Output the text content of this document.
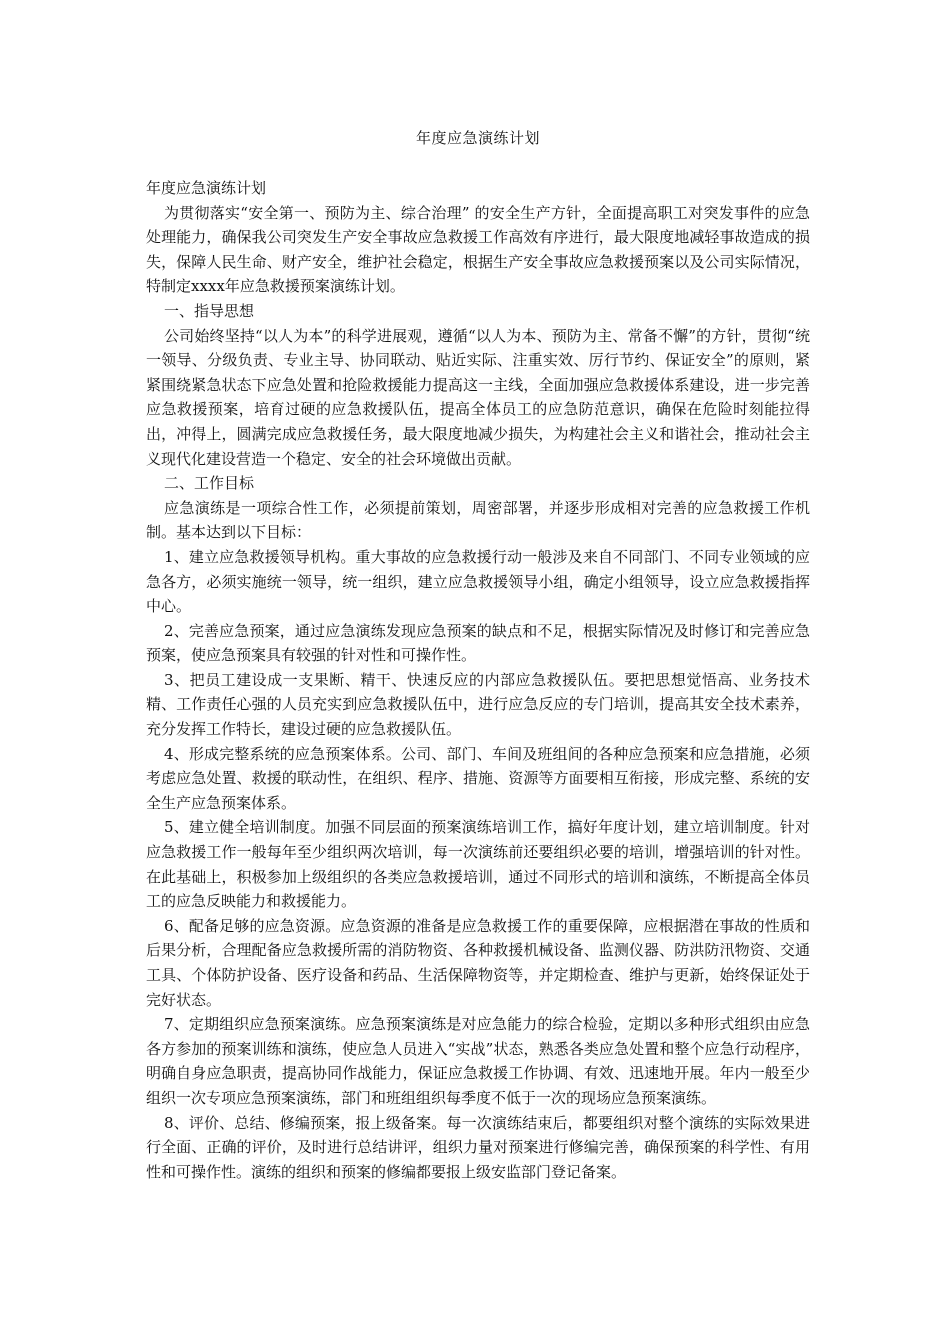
年度应急演练计划

年度应急演练计划

为贯彻落实“安全第一、预防为主、综合治理” 的安全生产方针，全面提高职工对突发事件的应急处理能力，确保我公司突发生产安全事故应急救援工作高效有序进行，最大限度地减轻事故造成的损失，保障人民生命、财产安全，维护社会稳定，根据生产安全事故应急救援预案以及公司实际情况，特制定xxxx年应急救援预案演练计划。

一、指导思想

公司始终坚持“以人为本”的科学进展观，遵循“以人为本、预防为主、常备不懈”的方针，贯彻“统一领导、分级负责、专业主导、协同联动、贴近实际、注重实效、厉行节约、保证安全”的原则，紧紧围绕紧急状态下应急处置和抢险救援能力提高这一主线，全面加强应急救援体系建设，进一步完善应急救援预案，培育过硬的应急救援队伍，提高全体员工的应急防范意识，确保在危险时刻能拉得出，冲得上，圆满完成应急救援任务，最大限度地减少损失，为构建社会主义和谐社会，推动社会主义现代化建设营造一个稳定、安全的社会环境做出贡献。

二、工作目标

应急演练是一项综合性工作，必须提前策划，周密部署，并逐步形成相对完善的应急救援工作机制。基本达到以下目标：

1、建立应急救援领导机构。重大事故的应急救援行动一般涉及来自不同部门、不同专业领域的应急各方，必须实施统一领导，统一组织，建立应急救援领导小组，确定小组领导，设立应急救援指挥中心。

2、完善应急预案，通过应急演练发现应急预案的缺点和不足，根据实际情况及时修订和完善应急预案，使应急预案具有较强的针对性和可操作性。

3、把员工建设成一支果断、精干、快速反应的内部应急救援队伍。要把思想觉悟高、业务技术精、工作责任心强的人员充实到应急救援队伍中，进行应急反应的专门培训，提高其安全技术素养，充分发挥工作特长，建设过硬的应急救援队伍。

4、形成完整系统的应急预案体系。公司、部门、车间及班组间的各种应急预案和应急措施，必须考虑应急处置、救援的联动性，在组织、程序、措施、资源等方面要相互衔接，形成完整、系统的安全生产应急预案体系。

5、建立健全培训制度。加强不同层面的预案演练培训工作，搞好年度计划，建立培训制度。针对应急救援工作一般每年至少组织两次培训，每一次演练前还要组织必要的培训，增强培训的针对性。在此基础上，积极参加上级组织的各类应急救援培训，通过不同形式的培训和演练，不断提高全体员工的应急反映能力和救援能力。

6、配备足够的应急资源。应急资源的准备是应急救援工作的重要保障，应根据潜在事故的性质和后果分析，合理配备应急救援所需的消防物资、各种救援机械设备、监测仪器、防洪防汛物资、交通工具、个体防护设备、医疗设备和药品、生活保障物资等，并定期检查、维护与更新，始终保证处于完好状态。

7、定期组织应急预案演练。应急预案演练是对应急能力的综合检验，定期以多种形式组织由应急各方参加的预案训练和演练，使应急人员进入“实战”状态，熟悉各类应急处置和整个应急行动程序，明确自身应急职责，提高协同作战能力，保证应急救援工作协调、有效、迅速地开展。年内一般至少组织一次专项应急预案演练，部门和班组组织每季度不低于一次的现场应急预案演练。

8、评价、总结、修编预案，报上级备案。每一次演练结束后，都要组织对整个演练的实际效果进行全面、正确的评价，及时进行总结讲评，组织力量对预案进行修编完善，确保预案的科学性、有用性和可操作性。演练的组织和预案的修编都要报上级安监部门登记备案。
